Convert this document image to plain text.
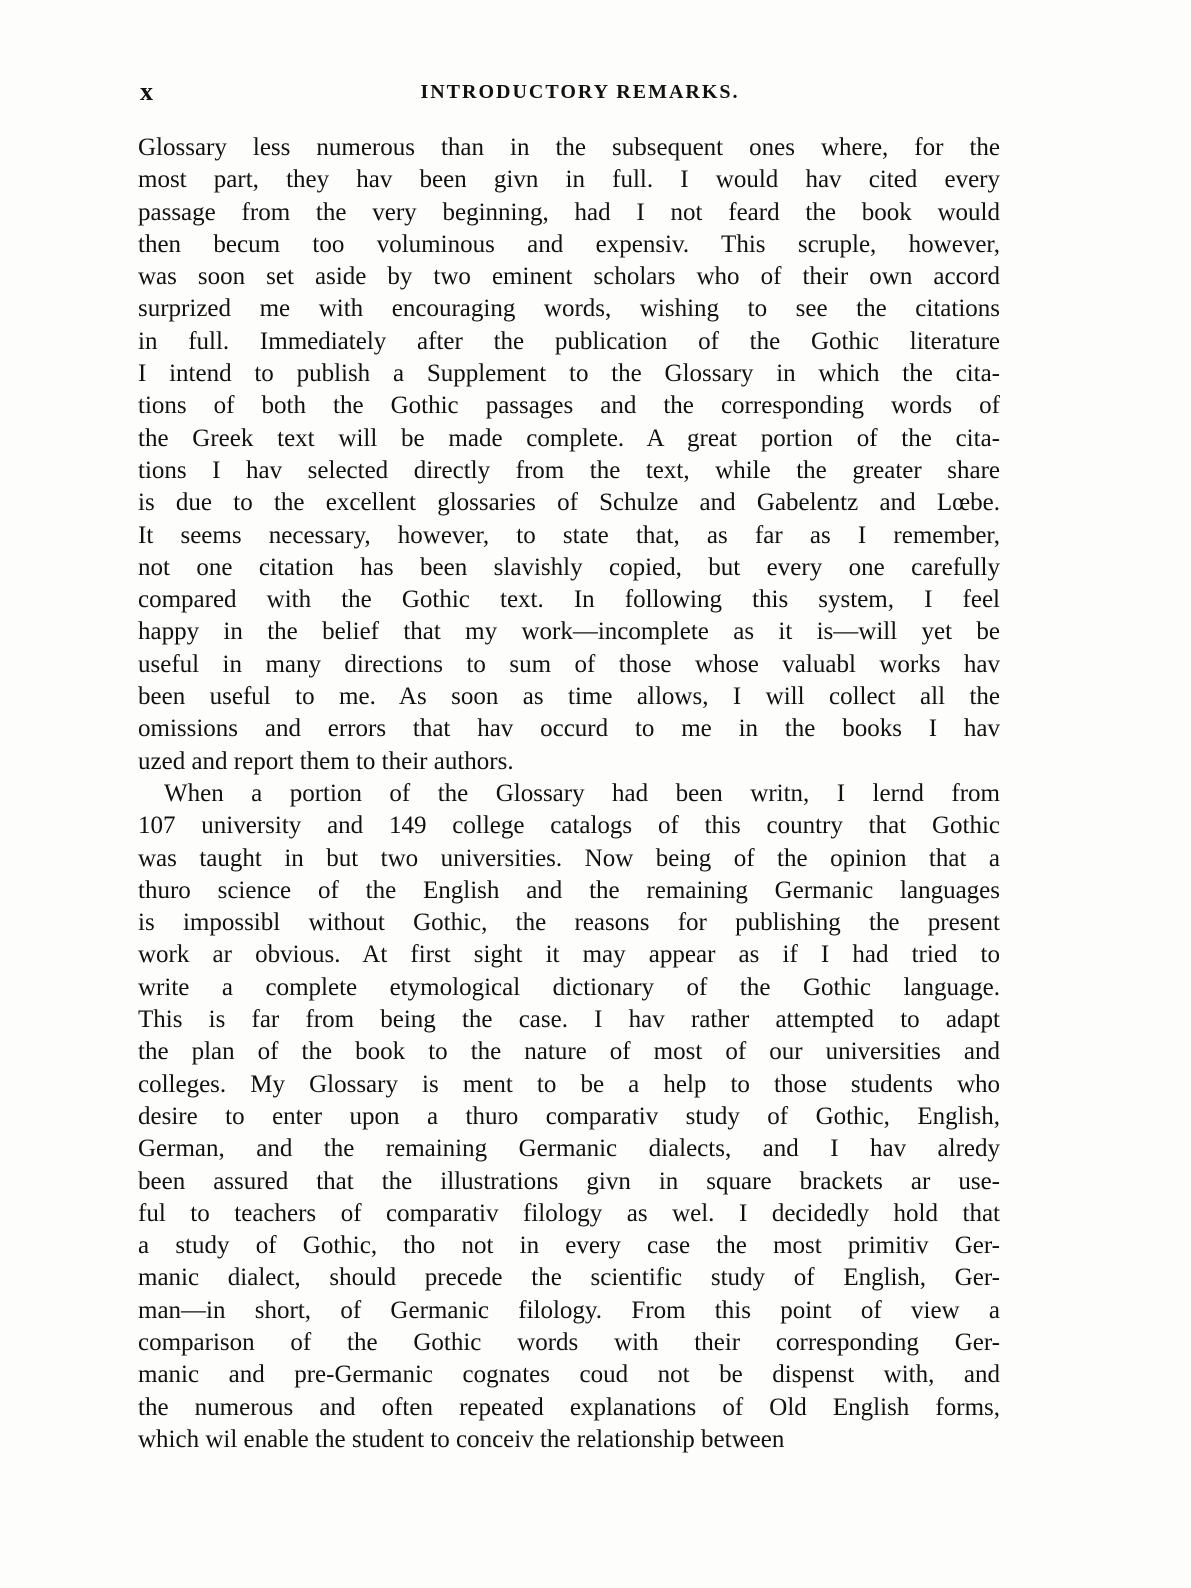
x	INTRODUCTORY REMARKS.
Glossary less numerous than in the subsequent ones where, for the
most part, they hav been givn in full. I would hav cited every
passage from the very beginning, had I not feard the book would
then becum too voluminous and expensiv. This scruple, however,
was soon set aside by two eminent scholars who of their own accord
surprized me with encouraging words, wishing to see the citations
in full. Immediately after the publication of the Gothic literature
I intend to publish a Supplement to the Glossary in which the cita-
tions of both the Gothic passages and the corresponding words of
the Greek text will be made complete. A great portion of the cita-
tions I hav selected directly from the text, while the greater share
is due to the excellent glossaries of Schulze and Gabelentz and Lœbe.
It seems necessary, however, to state that, as far as I remember,
not one citation has been slavishly copied, but every one carefully
compared with the Gothic text. In following this system, I feel
happy in the belief that my work—incomplete as it is—will yet be
useful in many directions to sum of those whose valuabl works hav
been useful to me. As soon as time allows, I will collect all the
omissions and errors that hav occurd to me in the books I hav
uzed and report them to their authors.
When a portion of the Glossary had been writn, I lernd from
107 university and 149 college catalogs of this country that Gothic
was taught in but two universities. Now being of the opinion that a
thuro science of the English and the remaining Germanic languages
is impossibl without Gothic, the reasons for publishing the present
work ar obvious. At first sight it may appear as if I had tried to
write a complete etymological dictionary of the Gothic language.
This is far from being the case. I hav rather attempted to adapt
the plan of the book to the nature of most of our universities and
colleges. My Glossary is ment to be a help to those students who
desire to enter upon a thuro comparativ study of Gothic, English,
German, and the remaining Germanic dialects, and I hav alredy
been assured that the illustrations givn in square brackets ar use-
ful to teachers of comparativ filology as wel. I decidedly hold that
a study of Gothic, tho not in every case the most primitiv Ger-
manic dialect, should precede the scientific study of English, Ger-
man—in short, of Germanic filology. From this point of view a
comparison of the Gothic words with their corresponding Ger-
manic and pre-Germanic cognates coud not be dispenst with, and
the numerous and often repeated explanations of Old English forms,
which wil enable the student to conceiv the relationship between
